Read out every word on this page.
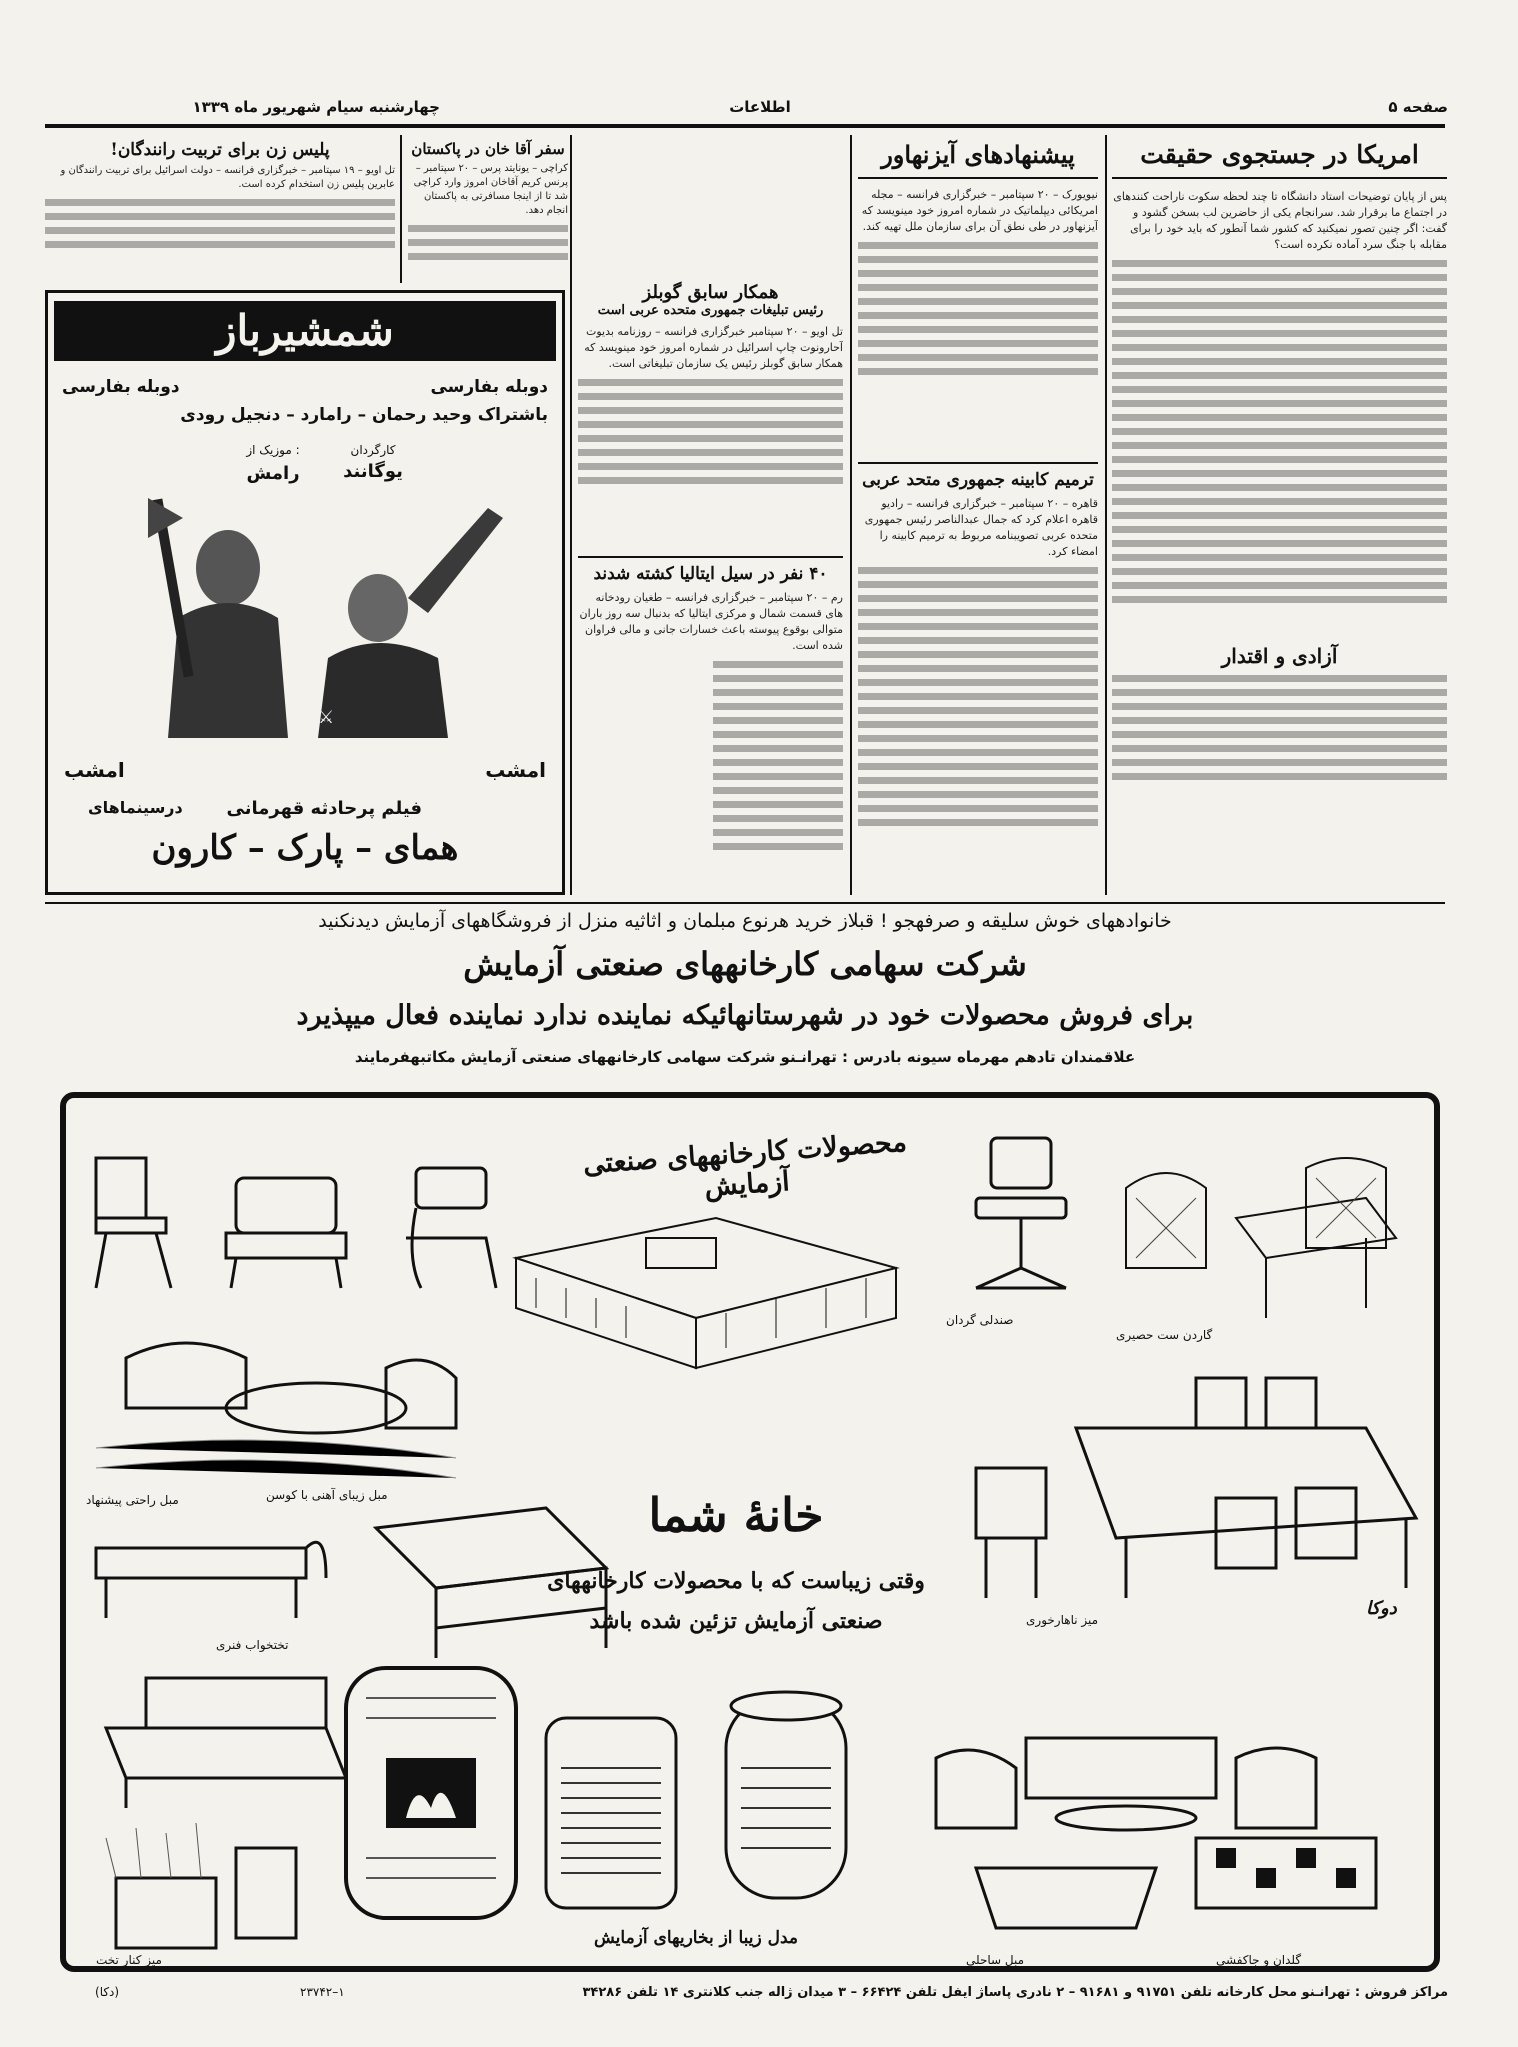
صفحه ۵
اطلاعات
چهارشنبه سیام شهریور ماه ۱۳۳۹
امریکا در جستجوی حقیقت
پس از پایان توضیحات استاد دانشگاه تا چند لحظه سکوت ناراحت کنندهای در اجتماع ما برقرار شد. سرانجام یکی از حاضرین لب بسخن گشود و گفت: اگر چنین تصور نمیکنید که کشور شما آنطور که باید خود را برای مقابله با جنگ سرد آماده نکرده است؟
آزادی و اقتدار
پیشنهادهای آیزنهاور
نیویورک – ۲۰ سپتامبر – خبرگزاری فرانسه – مجله امریکائی دیپلماتیک در شماره امروز خود مینویسد که آیزنهاور در طی نطق آن برای سازمان ملل تهیه کند.
ترمیم کابینه جمهوری متحد عربی
قاهره – ۲۰ سپتامبر – خبرگزاری فرانسه – رادیو قاهره اعلام کرد که جمال عبدالناصر رئیس جمهوری متحده عربی تصویبنامه مربوط به ترمیم کابینه را امضاء کرد.
همکار سابق گوبلز
رئیس تبلیغات جمهوری متحده عربی است
تل اویو – ۲۰ سپتامبر خبرگزاری فرانسه – روزنامه بدیوت آحارونوت چاپ اسرائیل در شماره امروز خود مینویسد که همکار سابق گوبلز رئیس یک سازمان تبلیغاتی است.
۴۰ نفر در سیل ایتالیا کشته شدند
رم – ۲۰ سپتامبر – خبرگزاری فرانسه – طغیان رودخانه های قسمت شمال و مرکزی ایتالیا که بدنبال سه روز باران متوالی بوقوع پیوسته باعث خسارات جانی و مالی فراوان شده است.
سفر آقا خان در پاکستان
کراچی – یونایتد پرس – ۲۰ سپتامبر – پرنس کریم آقاخان امروز وارد کراچی شد تا از اینجا مسافرتی به پاکستان انجام دهد.
پلیس زن برای تربیت رانندگان!
تل اویو – ۱۹ سپتامبر – خبرگزاری فرانسه – دولت اسرائیل برای تربیت رانندگان و عابرین پلیس زن استخدام کرده است.
شمشیرباز
دوبله بفارسی
دوبله بفارسی
باشتراک وحید رحمان – رامارد – دنجیل رودی
کارگردان
یوگانند
موزیک از :
رامش
⚔
امشب	امشب
فیلم پرحادثه قهرمانی
درسینماهای
همای – پارک – کارون
خانوادههای خوش سلیقه و صرفهجو ! قبلاز خرید هرنوع مبلمان و اثاثیه منزل از فروشگاههای آزمایش دیدنکنید
شرکت سهامی کارخانههای صنعتی آزمایش
برای فروش محصولات خود در شهرستانهائیکه نماینده ندارد نماینده فعال میپذیرد
علاقمندان تادهم مهرماه سیونه بادرس : تهرانـنو شرکت سهامی کارخانههای صنعتی آزمایش مکاتبهفرمایند
محصولات کارخانههای صنعتی آزمایش
خانهٔ شما
وقتی زیباست که با محصولات کارخانههای
صنعتی آزمایش تزئین شده باشد
مدل زیبا از بخاریهای آزمایش
دوکا
مبل راحتی پیشنهاد
گاردن ست حصیری
صندلی گردان
مبل زیبای آهنی با کوسن
تختخواب فنری
میز ناهارخوری
میز کنار تخت	مبل ساحلی	گلدان و جاکفشی
مراکز فروش : تهرانـنو محل کارخانه تلفن ۹۱۷۵۱ و ۹۱۶۸۱ – ۲ نادری پاساژ ایفل تلفن ۶۶۴۲۴ – ۳ میدان ژاله جنب کلانتری ۱۴ تلفن ۳۴۲۸۶
۲۳۷۴۲–۱
(دکا)
